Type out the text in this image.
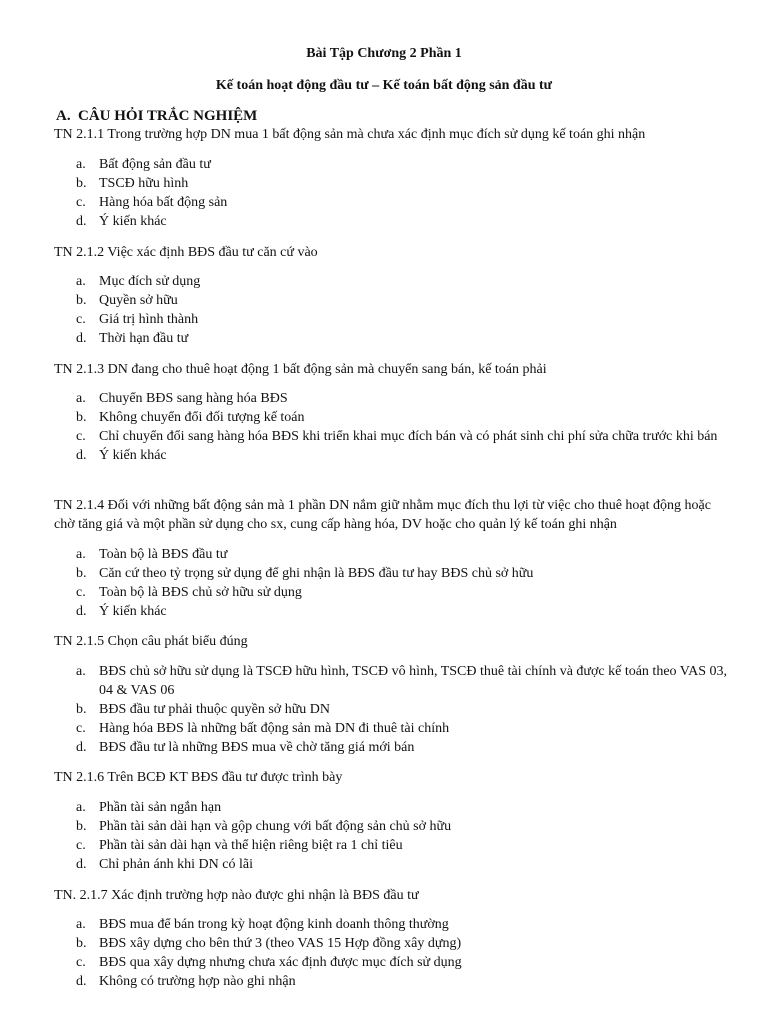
Bài Tập Chương 2 Phần 1
Kế toán hoạt động đầu tư – Kế toán bất động sản đầu tư
A. CÂU HỎI TRẮC NGHIỆM
TN 2.1.1 Trong trường hợp DN mua 1 bất động sản mà chưa xác định mục đích sử dụng kế toán ghi nhận
a. Bất động sản đầu tư
b. TSCĐ hữu hình
c. Hàng hóa bất động sản
d. Ý kiến khác
TN 2.1.2 Việc xác định BĐS đầu tư căn cứ vào
a. Mục đích sử dụng
b. Quyền sở hữu
c. Giá trị hình thành
d. Thời hạn đầu tư
TN 2.1.3 DN đang cho thuê hoạt động 1 bất động sản mà chuyển sang bán, kế toán phải
a. Chuyển BĐS sang hàng hóa BĐS
b. Không chuyển đổi đối tượng kế toán
c. Chỉ chuyển đổi sang hàng hóa BĐS khi triển khai mục đích bán và có phát sinh chi phí sửa chữa trước khi bán
d. Ý kiến khác
TN 2.1.4 Đối với những bất động sản mà 1 phần DN nắm giữ nhằm mục đích thu lợi từ việc cho thuê hoạt động hoặc chờ tăng giá và một phần sử dụng cho sx, cung cấp hàng hóa, DV hoặc cho quản lý kế toán ghi nhận
a. Toàn bộ là BĐS đầu tư
b. Căn cứ theo tỷ trọng sử dụng để ghi nhận là BĐS đầu tư hay BĐS chủ sở hữu
c. Toàn bộ là BĐS chủ sở hữu sử dụng
d. Ý kiến khác
TN 2.1.5 Chọn câu phát biểu đúng
a. BĐS chủ sở hữu sử dụng là TSCĐ hữu hình, TSCĐ vô hình, TSCĐ thuê tài chính và được kế toán theo VAS 03, 04 & VAS 06
b. BĐS đầu tư phải thuộc quyền sở hữu DN
c. Hàng hóa BĐS là những bất động sản mà DN đi thuê tài chính
d. BĐS đầu tư là những BĐS mua về chờ tăng giá mới bán
TN 2.1.6 Trên BCĐ KT BĐS đầu tư được trình bày
a. Phần tài sản ngắn hạn
b. Phần tài sản dài hạn và gộp chung với bất động sản chủ sở hữu
c. Phần tài sản dài hạn và thể hiện riêng biệt ra 1 chỉ tiêu
d. Chỉ phản ánh khi DN có lãi
TN. 2.1.7 Xác định trường hợp nào được ghi nhận là BĐS đầu tư
a. BĐS mua để bán trong kỳ hoạt động kinh doanh thông thường
b. BĐS xây dựng cho bên thứ 3 (theo VAS 15 Hợp đồng xây dựng)
c. BĐS qua xây dựng nhưng chưa xác định được mục đích sử dụng
d. Không có trường hợp nào ghi nhận
